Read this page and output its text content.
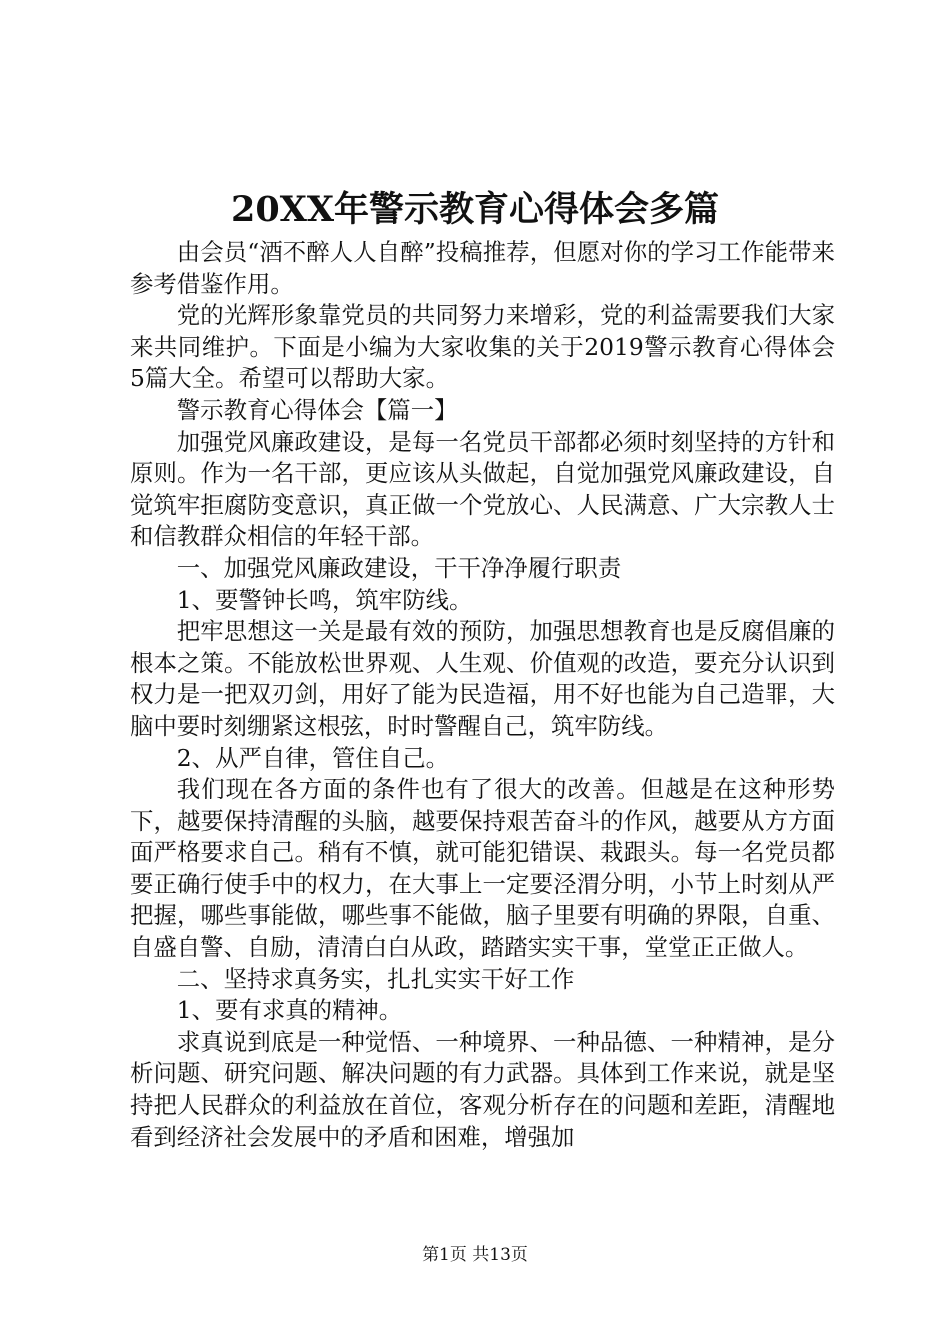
20XX年警示教育心得体会多篇

由会员“酒不醉人人自醉”投稿推荐，但愿对你的学习工作能带来参考借鉴作用。

党的光辉形象靠党员的共同努力来增彩，党的利益需要我们大家来共同维护。下面是小编为大家收集的关于2019警示教育心得体会5篇大全。希望可以帮助大家。

警示教育心得体会【篇一】

加强党风廉政建设，是每一名党员干部都必须时刻坚持的方针和原则。作为一名干部，更应该从头做起，自觉加强党风廉政建设，自觉筑牢拒腐防变意识，真正做一个党放心、人民满意、广大宗教人士和信教群众相信的年轻干部。

一、加强党风廉政建设，干干净净履行职责

1、要警钟长鸣，筑牢防线。

把牢思想这一关是最有效的预防，加强思想教育也是反腐倡廉的根本之策。不能放松世界观、人生观、价值观的改造，要充分认识到权力是一把双刃剑，用好了能为民造福，用不好也能为自己造罪，大脑中要时刻绷紧这根弦，时时警醒自己，筑牢防线。

2、从严自律，管住自己。

我们现在各方面的条件也有了很大的改善。但越是在这种形势下，越要保持清醒的头脑，越要保持艰苦奋斗的作风，越要从方方面面严格要求自己。稍有不慎，就可能犯错误、栽跟头。每一名党员都要正确行使手中的权力，在大事上一定要泾渭分明，小节上时刻从严把握，哪些事能做，哪些事不能做，脑子里要有明确的界限，自重、自盛自警、自励，清清白白从政，踏踏实实干事，堂堂正正做人。

二、坚持求真务实，扎扎实实干好工作

1、要有求真的精神。

求真说到底是一种觉悟、一种境界、一种品德、一种精神，是分析问题、研究问题、解决问题的有力武器。具体到工作来说，就是坚持把人民群众的利益放在首位，客观分析存在的问题和差距，清醒地看到经济社会发展中的矛盾和困难，增强加

第1页 共13页
